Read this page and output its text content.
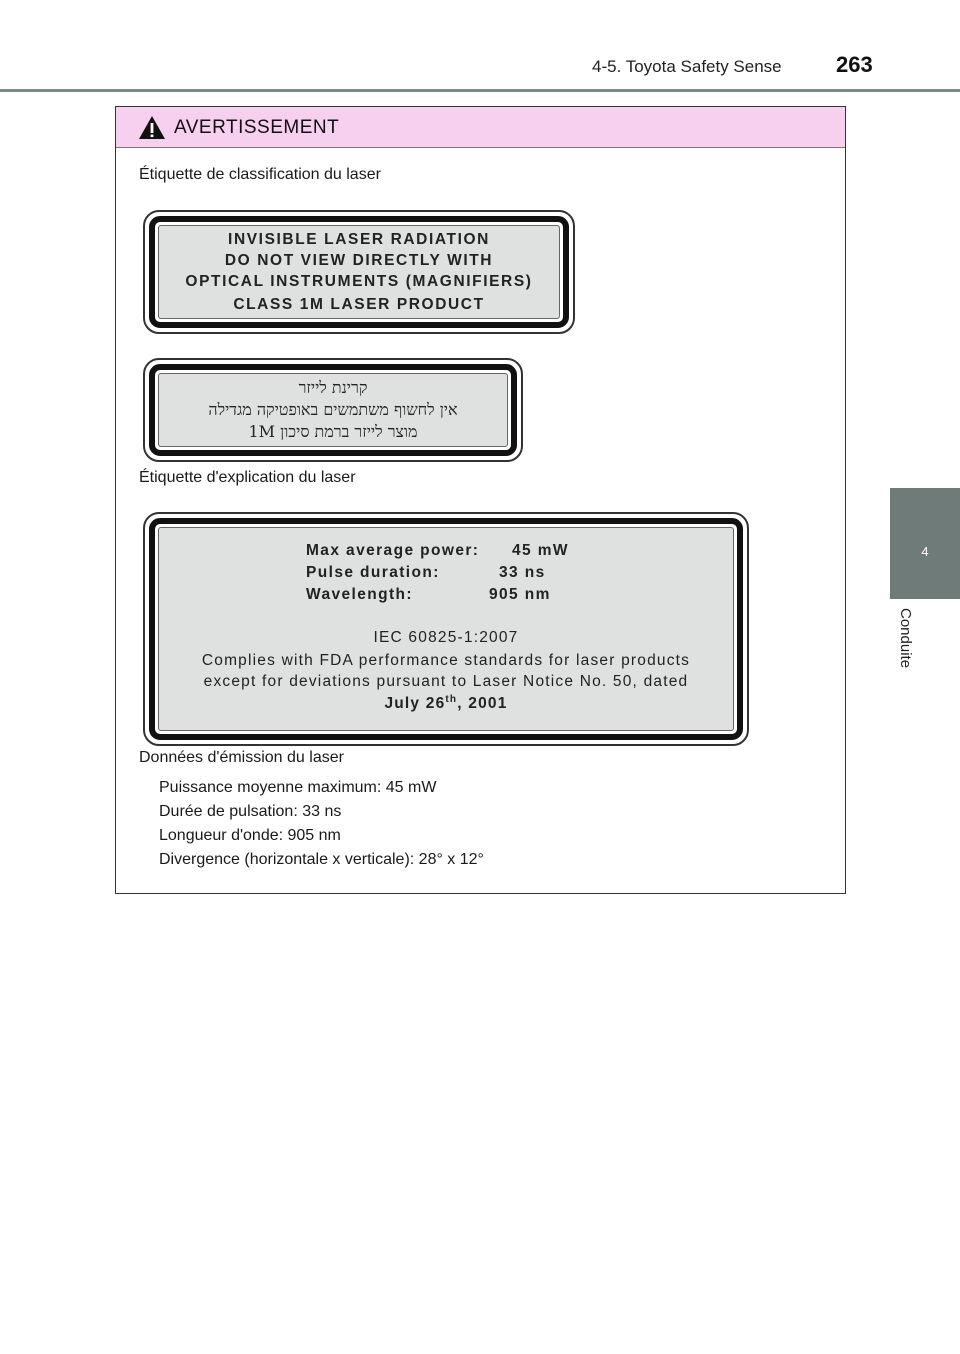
4-5. Toyota Safety Sense 263
4
Conduite
AVERTISSEMENT
Étiquette de classification du laser
INVISIBLE LASER RADIATION
DO NOT VIEW DIRECTLY WITH
OPTICAL INSTRUMENTS (MAGNIFIERS)
CLASS 1M LASER PRODUCT
קרינת לייזר
אין לחשוף משתמשים באופטיקה מגדילה
מוצר לייזר ברמת סיכון 1M
Étiquette d'explication du laser
Max average power: 45 mW
Pulse duration:	33 ns
Wavelength:	905 nm
IEC 60825-1:2007
Complies with FDA performance standards for laser products
except for deviations pursuant to Laser Notice No. 50, dated
July 26th, 2001
Données d'émission du laser
Puissance moyenne maximum: 45 mW
Durée de pulsation: 33 ns
Longueur d'onde: 905 nm
Divergence (horizontale x verticale): 28° x 12°
